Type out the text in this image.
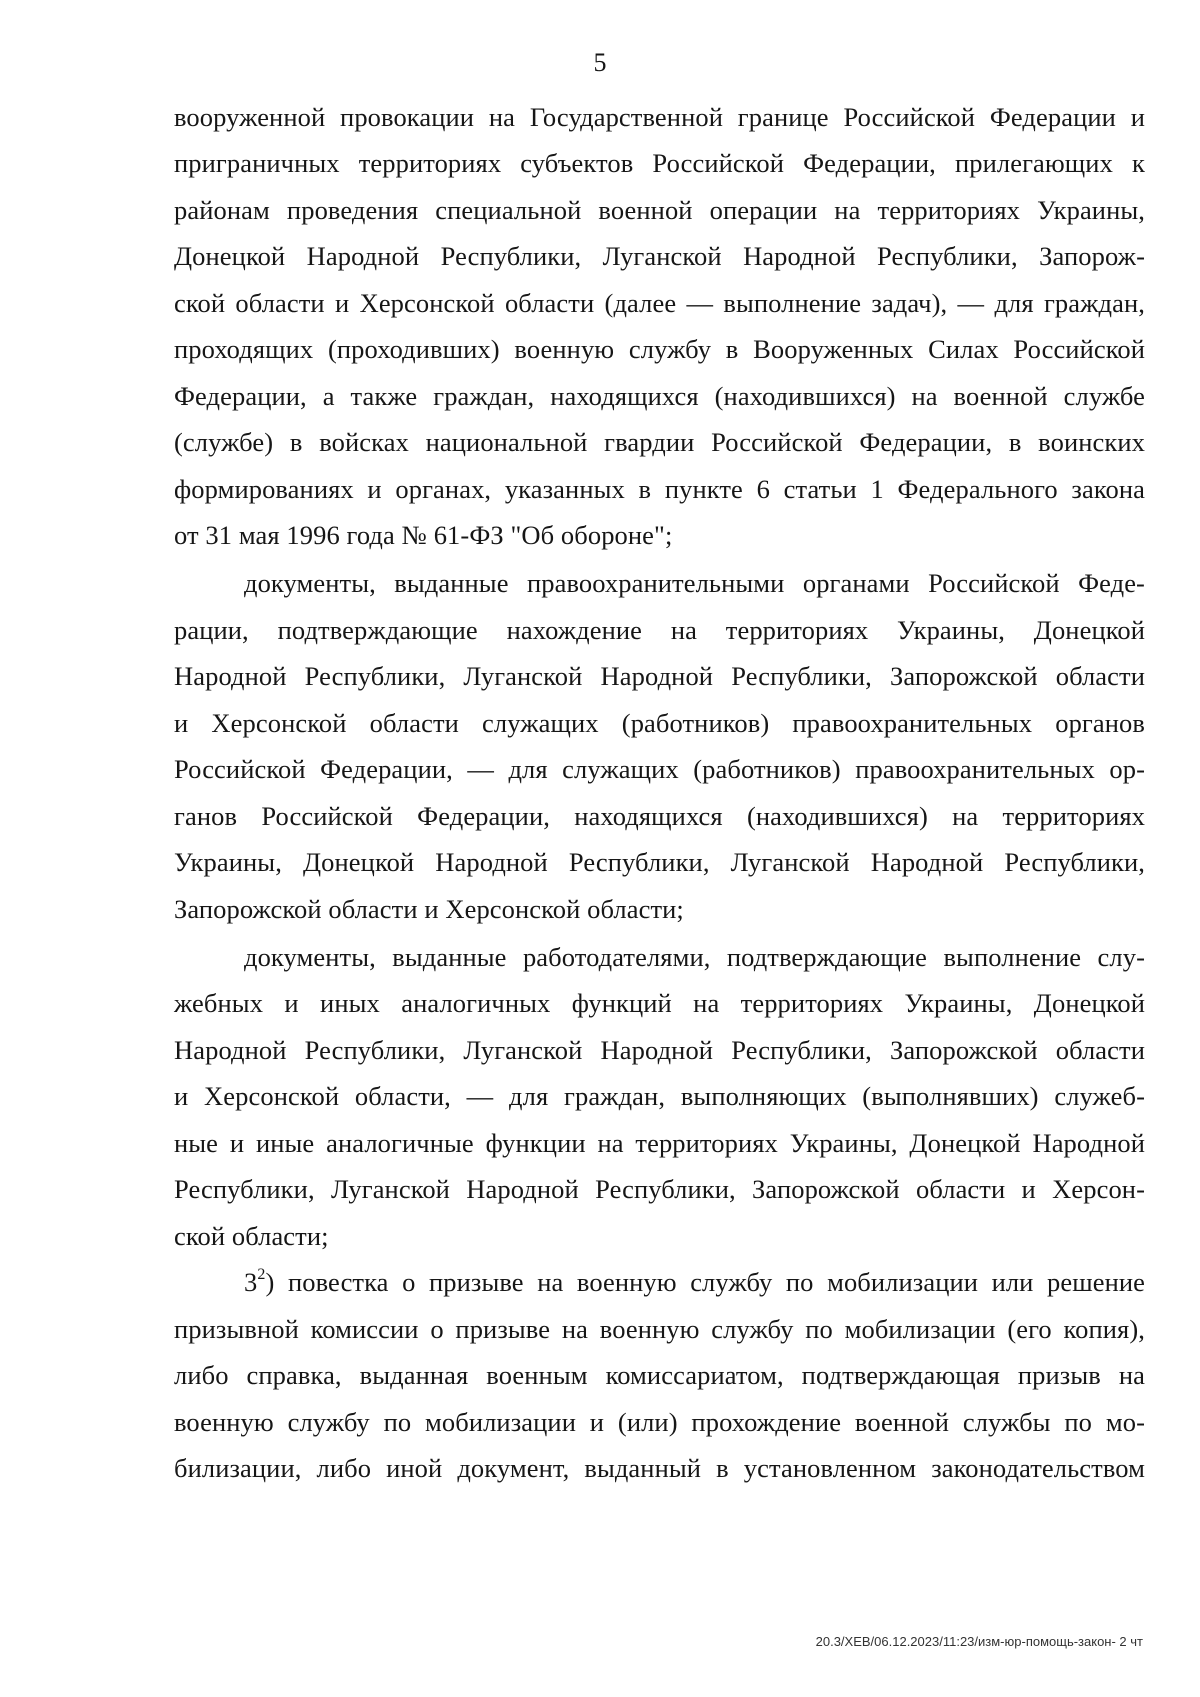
5
вооруженной провокации на Государственной границе Российской Федерации и
приграничных территориях субъектов Российской Федерации, прилегающих к
районам проведения специальной военной операции на территориях Украины,
Донецкой Народной Республики, Луганской Народной Республики, Запорож-
ской области и Херсонской области (далее — выполнение задач), — для граждан,
проходящих (проходивших) военную службу в Вооруженных Силах Российской
Федерации, а также граждан, находящихся (находившихся) на военной службе
(службе) в войсках национальной гвардии Российской Федерации, в воинских
формированиях и органах, указанных в пункте 6 статьи 1 Федерального закона
от 31 мая 1996 года № 61-ФЗ "Об обороне";
документы, выданные правоохранительными органами Российской Феде-
рации, подтверждающие нахождение на территориях Украины, Донецкой
Народной Республики, Луганской Народной Республики, Запорожской области
и Херсонской области служащих (работников) правоохранительных органов
Российской Федерации, — для служащих (работников) правоохранительных ор-
ганов Российской Федерации, находящихся (находившихся) на территориях
Украины, Донецкой Народной Республики, Луганской Народной Республики,
Запорожской области и Херсонской области;
документы, выданные работодателями, подтверждающие выполнение слу-
жебных и иных аналогичных функций на территориях Украины, Донецкой
Народной Республики, Луганской Народной Республики, Запорожской области
и Херсонской области, — для граждан, выполняющих (выполнявших) служеб-
ные и иные аналогичные функции на территориях Украины, Донецкой Народной
Республики, Луганской Народной Республики, Запорожской области и Херсон-
ской области;
$3^2$) повестка о призыве на военную службу по мобилизации или решение
призывной комиссии о призыве на военную службу по мобилизации (его копия),
либо справка, выданная военным комиссариатом, подтверждающая призыв на
военную службу по мобилизации и (или) прохождение военной службы по мо-
билизации, либо иной документ, выданный в установленном законодательством
20.3/ХЕВ/06.12.2023/11:23/изм-юр-помощь-закон- 2 чт
